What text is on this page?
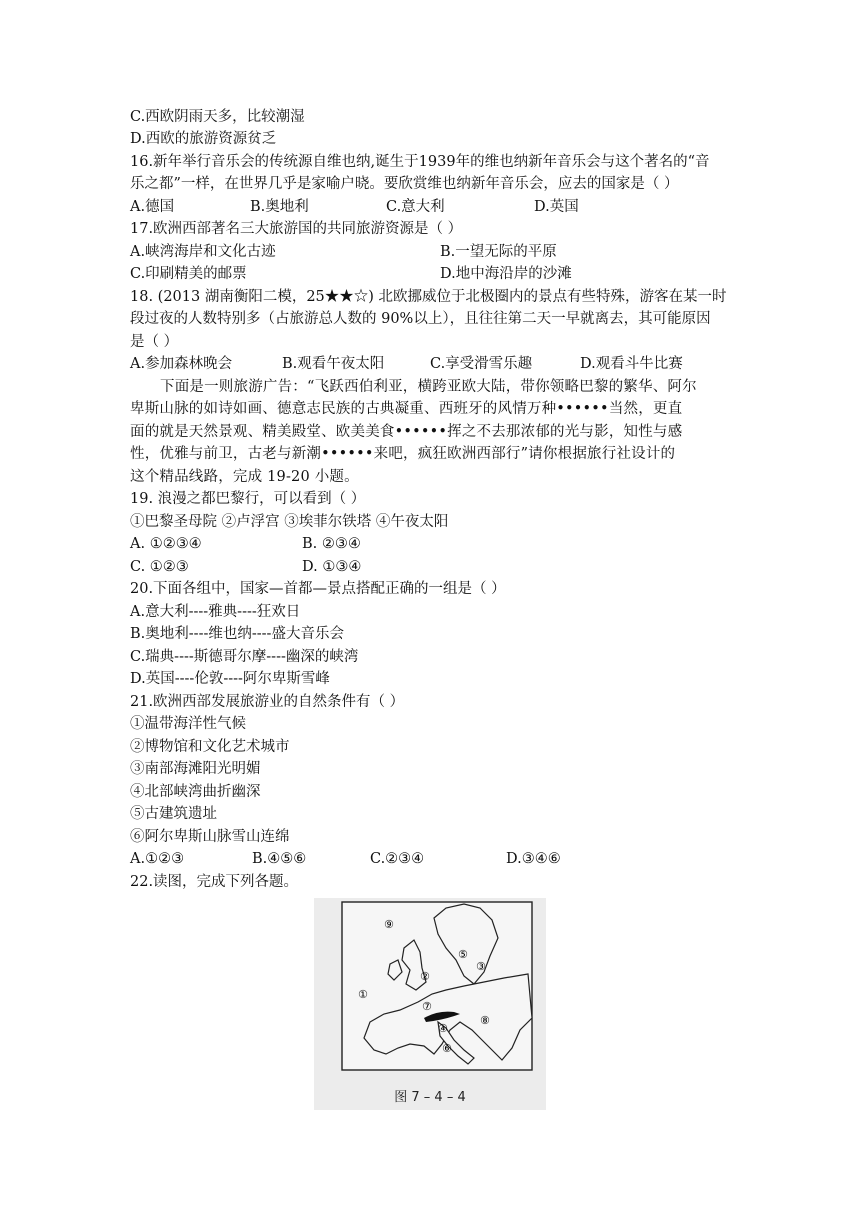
C.西欧阴雨天多，比较潮湿
D.西欧的旅游资源贫乏
16.新年举行音乐会的传统源自维也纳,诞生于1939年的维也纳新年音乐会与这个著名的“音
乐之都”一样，在世界几乎是家喻户晓。要欣赏维也纳新年音乐会，应去的国家是（ ）
A.德国	B.奥地利	C.意大利	D.英国
17.欧洲西部著名三大旅游国的共同旅游资源是（ ）
A.峡湾海岸和文化古迹	B.一望无际的平原
C.印刷精美的邮票	D.地中海沿岸的沙滩
18. (2013 湖南衡阳二模，25★★☆) 北欧挪威位于北极圈内的景点有些特殊，游客在某一时
段过夜的人数特别多（占旅游总人数的 90%以上），且往往第二天一早就离去，其可能原因
是（ ）
A.参加森林晚会	B.观看午夜太阳	C.享受滑雪乐趣	D.观看斗牛比赛
下面是一则旅游广告：“飞跃西伯利亚，横跨亚欧大陆，带你领略巴黎的繁华、阿尔
卑斯山脉的如诗如画、德意志民族的古典凝重、西班牙的风情万种••••••当然，更直
面的就是天然景观、精美殿堂、欧美美食••••••挥之不去那浓郁的光与影，知性与感
性，优雅与前卫，古老与新潮••••••来吧，疯狂欧洲西部行”请你根据旅行社设计的
这个精品线路，完成 19-20 小题。
19. 浪漫之都巴黎行，可以看到（ ）
①巴黎圣母院 ②卢浮宫 ③埃菲尔铁塔 ④午夜太阳
A. ①②③④	B. ②③④
C. ①②③	D. ①③④
20.下面各组中，国家—首都—景点搭配正确的一组是（ ）
A.意大利----雅典----狂欢日
B.奥地利----维也纳----盛大音乐会
C.瑞典----斯德哥尔摩----幽深的峡湾
D.英国----伦敦----阿尔卑斯雪峰
21.欧洲西部发展旅游业的自然条件有（ ）
①温带海洋性气候
②博物馆和文化艺术城市
③南部海滩阳光明媚
④北部峡湾曲折幽深
⑤古建筑遗址
⑥阿尔卑斯山脉雪山连绵
A.①②③	B.④⑤⑥	C.②③④	D.③④⑥
22.读图，完成下列各题。
①
②
③
④
⑤
⑥
⑦
⑧
⑨
图 7 – 4 – 4
